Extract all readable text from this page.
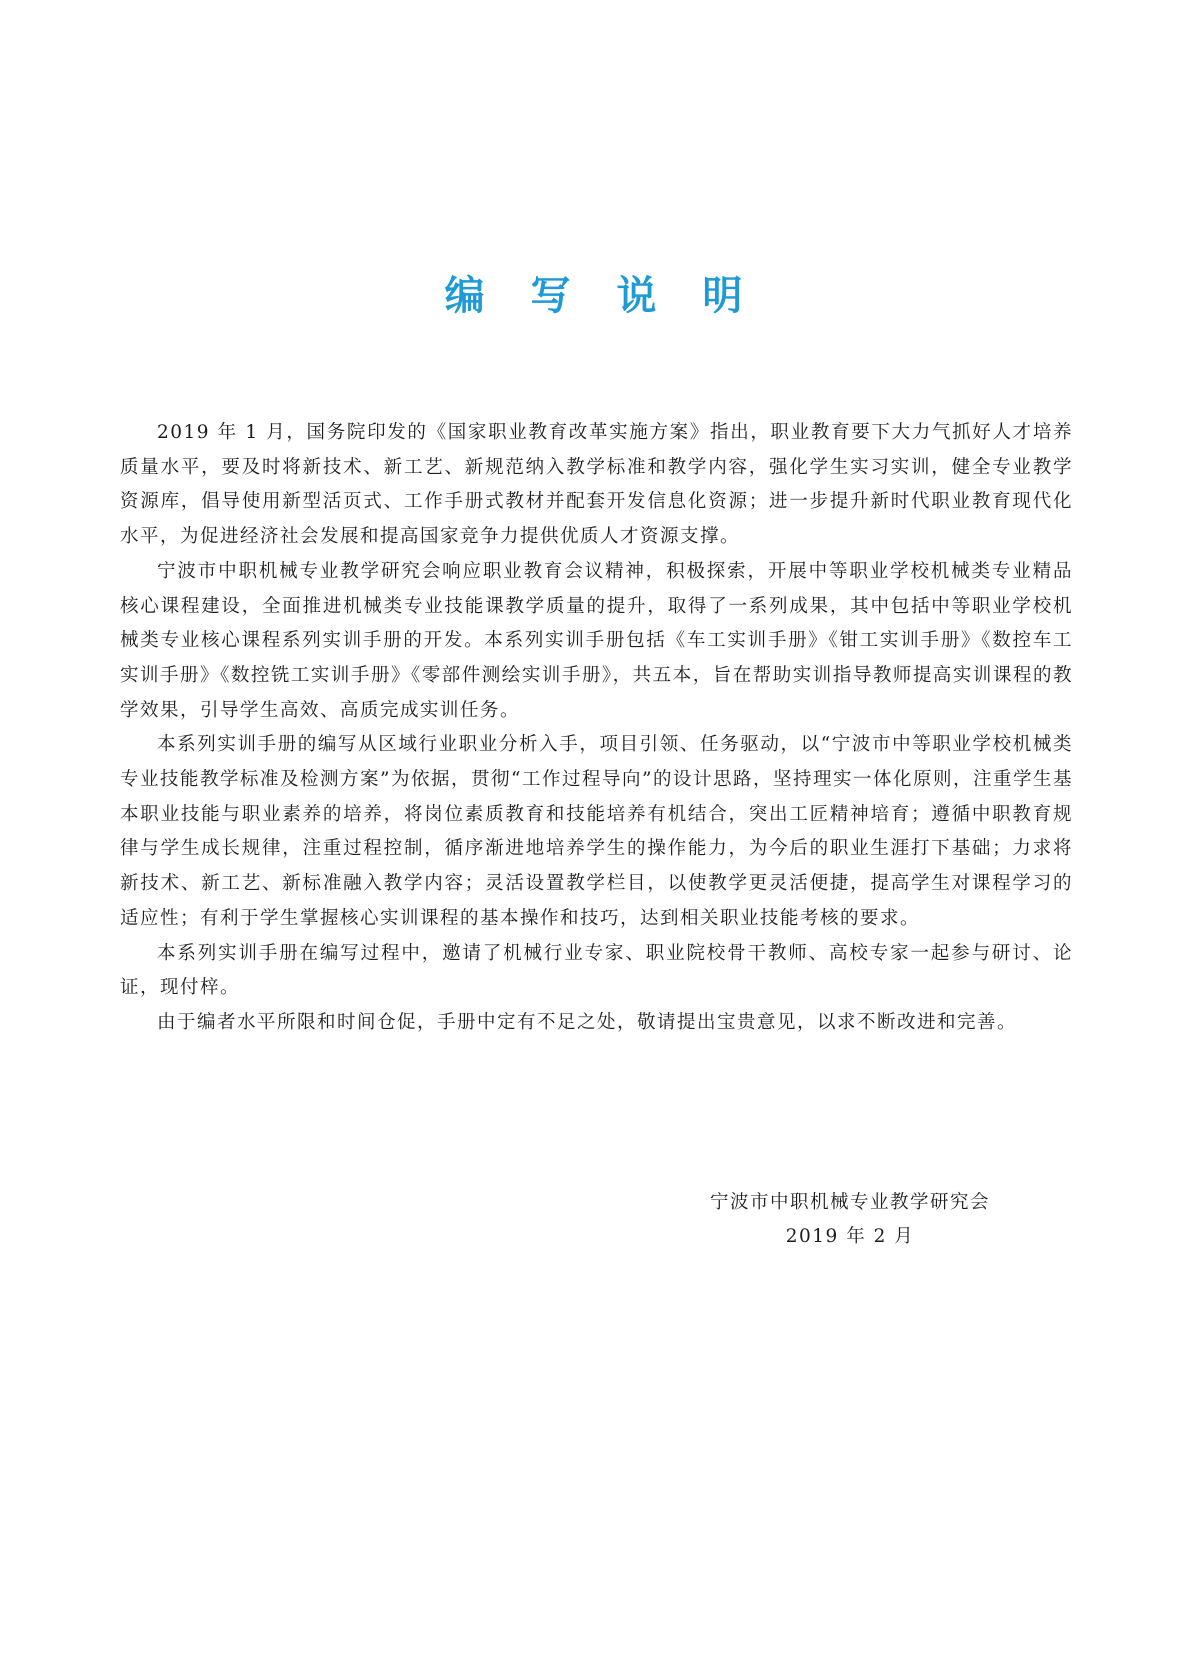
编 写 说 明

2019 年 1 月，国务院印发的《国家职业教育改革实施方案》指出，职业教育要下大力气抓好人才培养质量水平，要及时将新技术、新工艺、新规范纳入教学标准和教学内容，强化学生实习实训，健全专业教学资源库，倡导使用新型活页式、工作手册式教材并配套开发信息化资源；进一步提升新时代职业教育现代化水平，为促进经济社会发展和提高国家竞争力提供优质人才资源支撑。

宁波市中职机械专业教学研究会响应职业教育会议精神，积极探索，开展中等职业学校机械类专业精品核心课程建设，全面推进机械类专业技能课教学质量的提升，取得了一系列成果，其中包括中等职业学校机械类专业核心课程系列实训手册的开发。本系列实训手册包括《车工实训手册》《钳工实训手册》《数控车工实训手册》《数控铣工实训手册》《零部件测绘实训手册》，共五本，旨在帮助实训指导教师提高实训课程的教学效果，引导学生高效、高质完成实训任务。

本系列实训手册的编写从区域行业职业分析入手，项目引领、任务驱动，以“宁波市中等职业学校机械类专业技能教学标准及检测方案”为依据，贯彻“工作过程导向”的设计思路，坚持理实一体化原则，注重学生基本职业技能与职业素养的培养，将岗位素质教育和技能培养有机结合，突出工匠精神培育；遵循中职教育规律与学生成长规律，注重过程控制，循序渐进地培养学生的操作能力，为今后的职业生涯打下基础；力求将新技术、新工艺、新标准融入教学内容；灵活设置教学栏目，以使教学更灵活便捷，提高学生对课程学习的适应性；有利于学生掌握核心实训课程的基本操作和技巧，达到相关职业技能考核的要求。

本系列实训手册在编写过程中，邀请了机械行业专家、职业院校骨干教师、高校专家一起参与研讨、论证，现付梓。

由于编者水平所限和时间仓促，手册中定有不足之处，敬请提出宝贵意见，以求不断改进和完善。

宁波市中职机械专业教学研究会

2019 年 2 月
